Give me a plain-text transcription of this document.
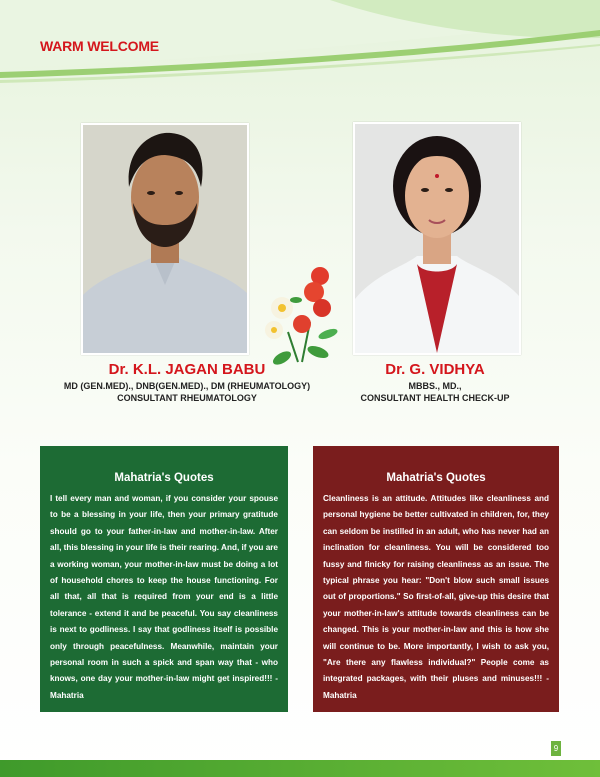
WARM WELCOME
Dr. K.L. JAGAN BABU
MD (GEN.MED)., DNB(GEN.MED)., DM (RHEUMATOLOGY)
CONSULTANT RHEUMATOLOGY
Dr. G. VIDHYA
MBBS., MD.,
CONSULTANT HEALTH CHECK-UP
Mahatria's Quotes
I tell every man and woman, if you consider your spouse to be a blessing in your life, then your primary gratitude should go to your father-in-law and mother-in-law. After all, this blessing in your life is their rearing. And, if you are a working woman, your mother-in-law must be doing a lot of household chores to keep the house functioning. For all that, all that is required from your end is a little tolerance - extend it and be peaceful. You say cleanliness is next to godliness. I say that godliness itself is possible only through peacefulness. Meanwhile, maintain your personal room in such a spick and span way that - who knows, one day your mother-in-law might get inspired!!! - Mahatria
Mahatria's Quotes
Cleanliness is an attitude. Attitudes like cleanliness and personal hygiene be better cultivated in children, for, they can seldom be instilled in an adult, who has never had an inclination for cleanliness. You will be considered too fussy and finicky for raising cleanliness as an issue. The typical phrase you hear: "Don't blow such small issues out of proportions." So first-of-all, give-up this desire that your mother-in-law's attitude towards cleanliness can be changed. This is your mother-in-law and this is how she will continue to be. More importantly, I wish to ask you, "Are there any flawless individual?" People come as integrated packages, with their pluses and minuses!!! - Mahatria
9
